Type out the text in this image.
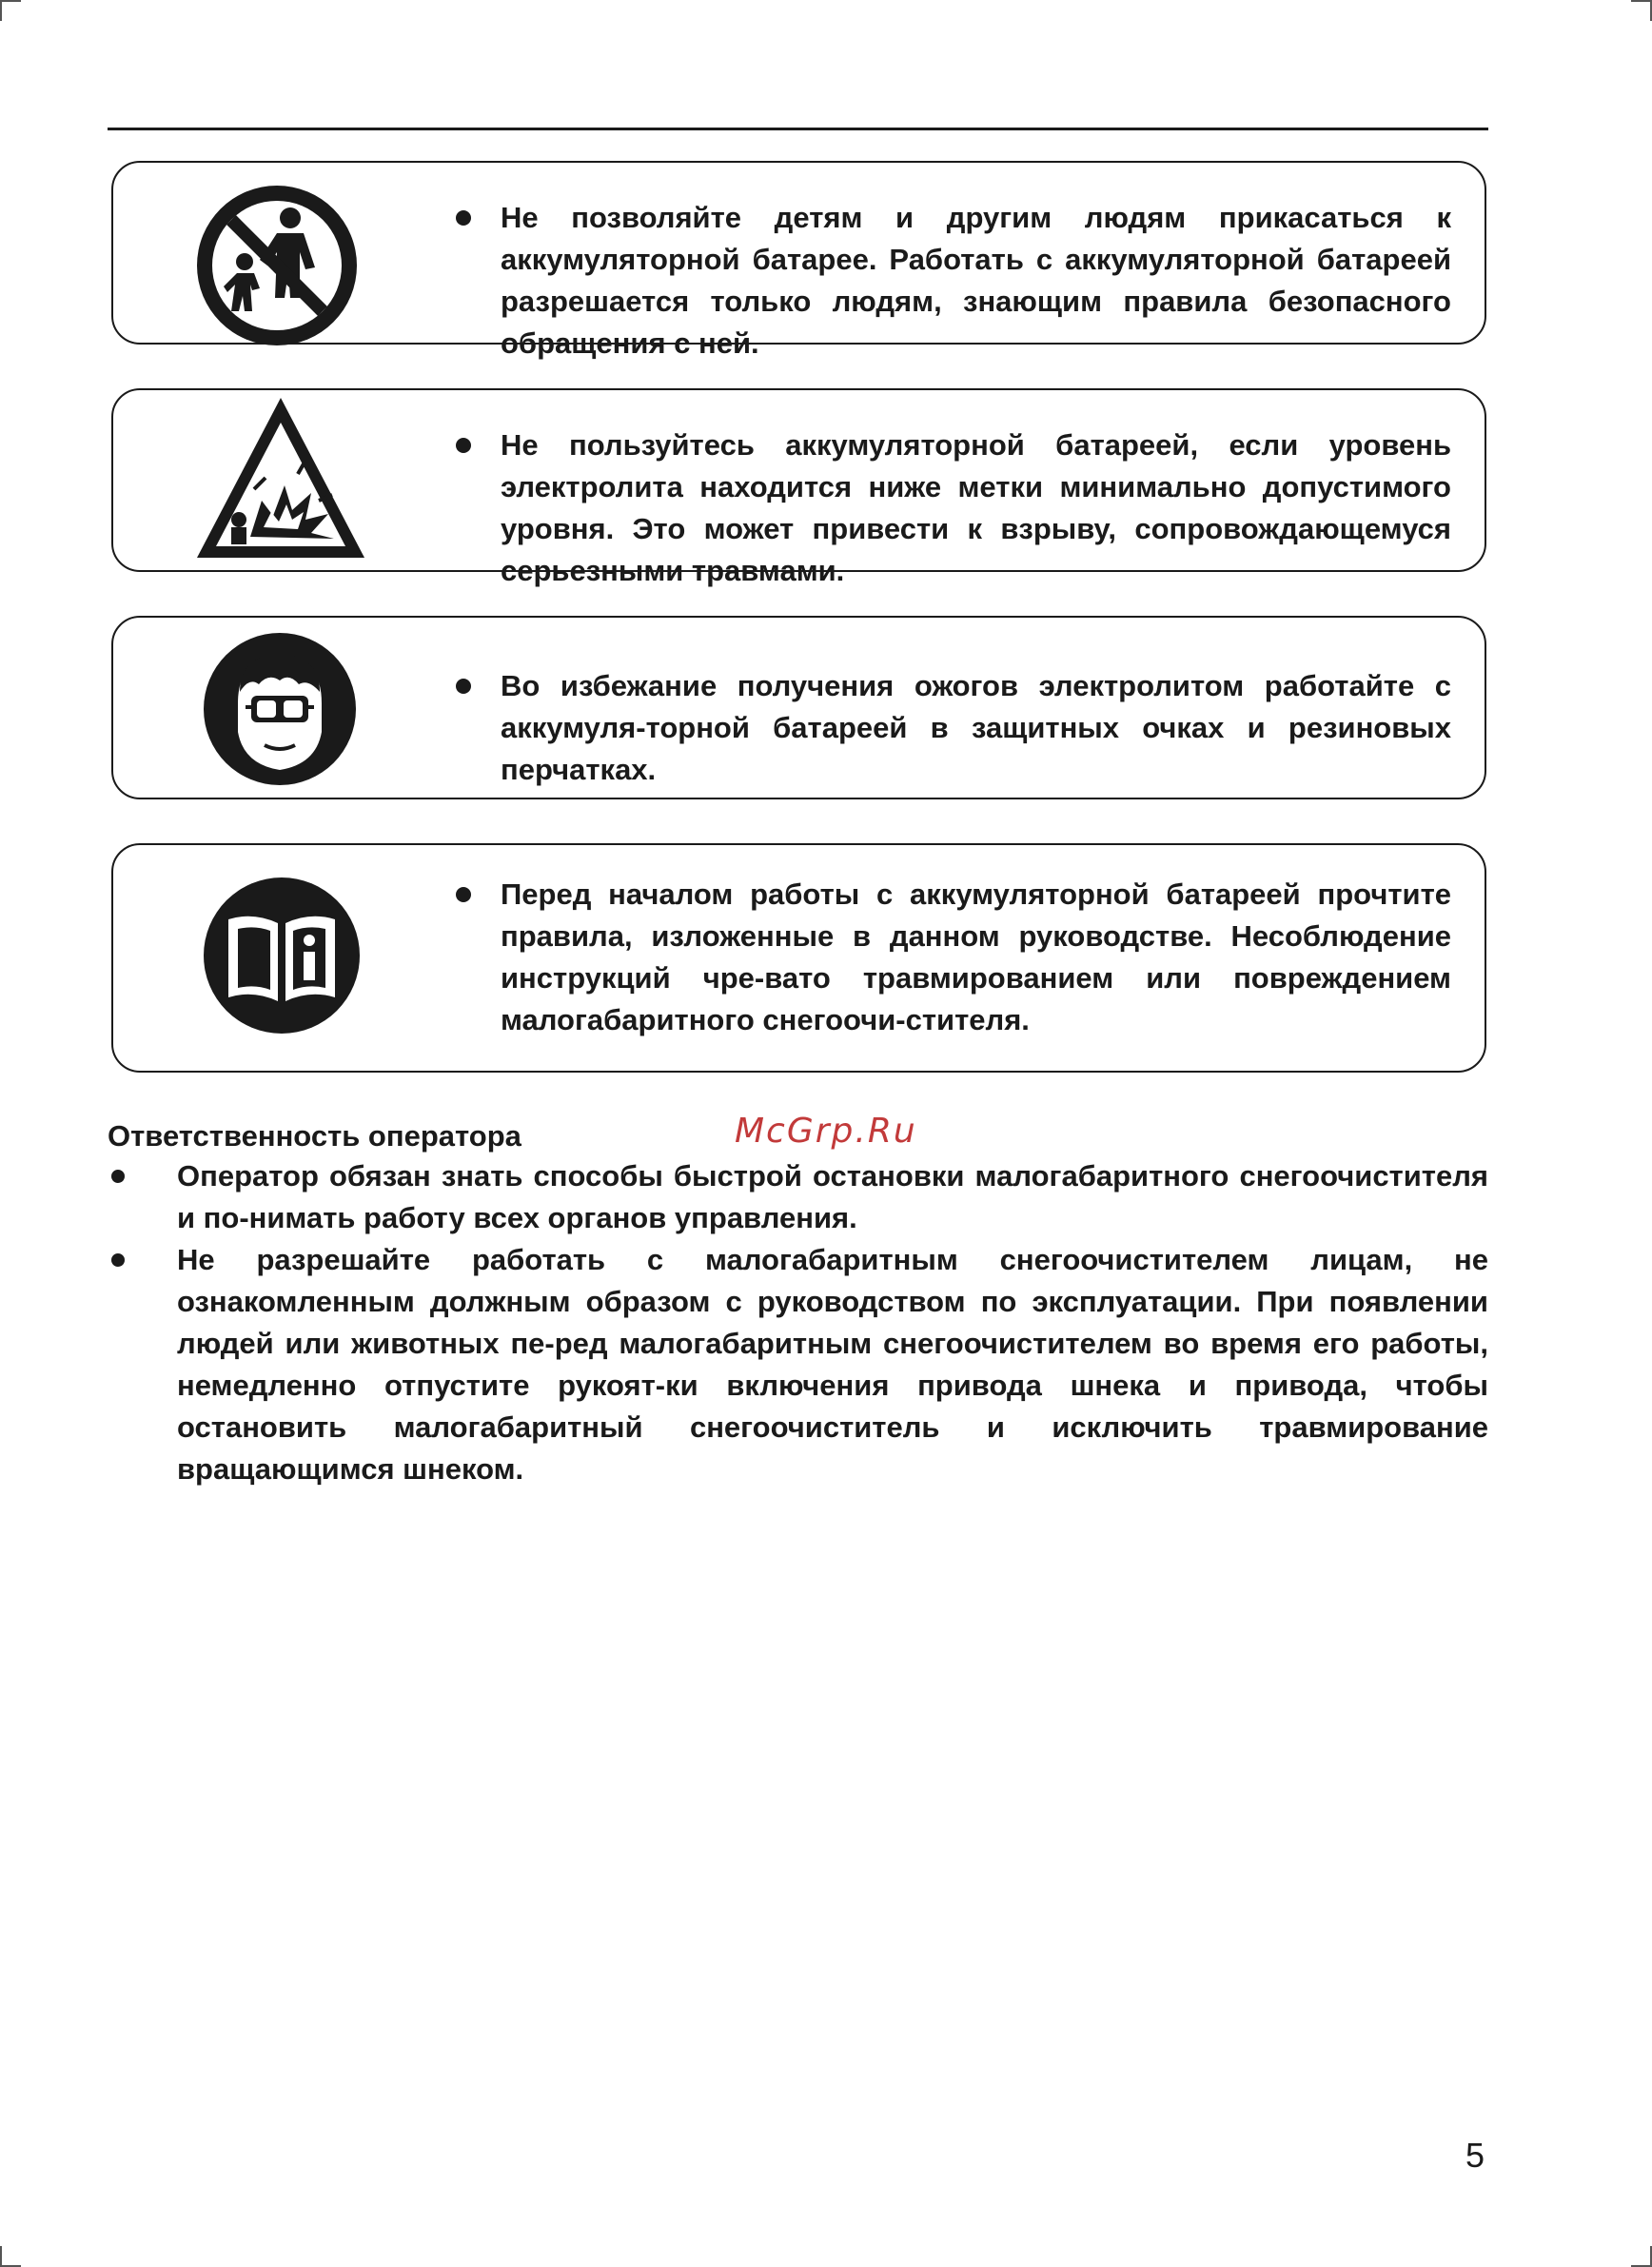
Не позволяйте детям и другим людям прикасаться к аккумуляторной батарее. Работать с аккумуляторной батареей разрешается только людям, знающим правила безопасного обращения с ней.
Не пользуйтесь аккумуляторной батареей, если уровень электролита находится ниже метки минимально допустимого уровня. Это может привести к взрыву, сопровождающемуся серьезными травмами.
Во избежание получения ожогов электролитом работайте с аккумуля-торной батареей в защитных очках и резиновых перчатках.
Перед началом работы с аккумуляторной батареей прочтите правила, изложенные в данном руководстве. Несоблюдение инструкций чре-вато травмированием или повреждением малогабаритного снегоочи-стителя.
Ответственность оператора	McGrp.Ru
Оператор обязан знать способы быстрой остановки малогабаритного снегоочистителя и по-нимать работу всех органов управления.
Не разрешайте работать с малогабаритным снегоочистителем лицам, не ознакомленным должным образом с руководством по эксплуатации. При появлении людей или животных пе-ред малогабаритным снегоочистителем во время его работы, немедленно отпустите рукоят-ки включения привода шнека и привода, чтобы остановить малогабаритный снегоочиститель и исключить травмирование вращающимся шнеком.
5
